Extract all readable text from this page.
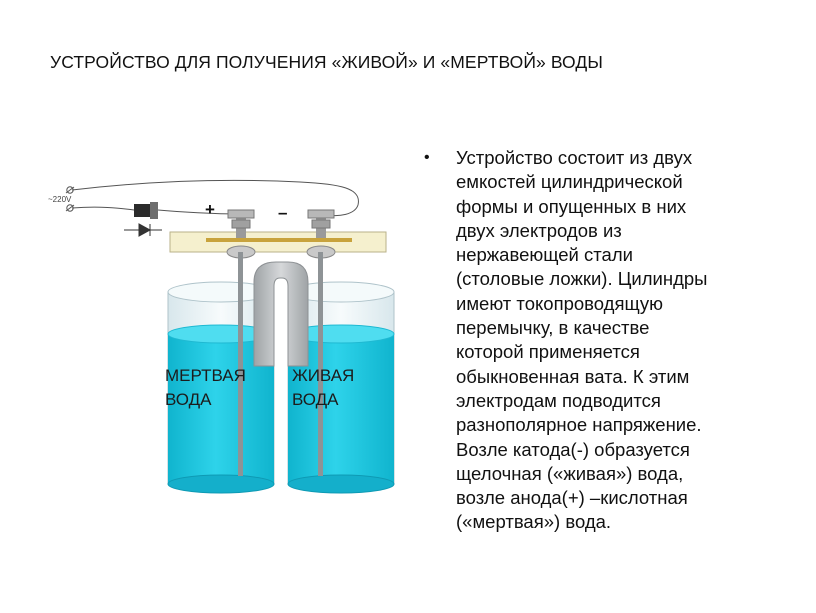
УСТРОЙСТВО ДЛЯ ПОЛУЧЕНИЯ «ЖИВОЙ» И «МЕРТВОЙ» ВОДЫ
~220V
+	–
МЕРТВАЯ
ВОДА
ЖИВАЯ
ВОДА
• Устройство состоит из двух
емкостей цилиндрической
формы и опущенных в них
двух электродов из
нержавеющей стали
(столовые ложки). Цилиндры
имеют токопроводящую
перемычку, в качестве
которой применяется
обыкновенная вата. К этим
электродам подводится
разнополярное напряжение.
Возле катода(-) образуется
щелочная («живая») вода,
возле анода(+) –кислотная
(«мертвая») вода.
